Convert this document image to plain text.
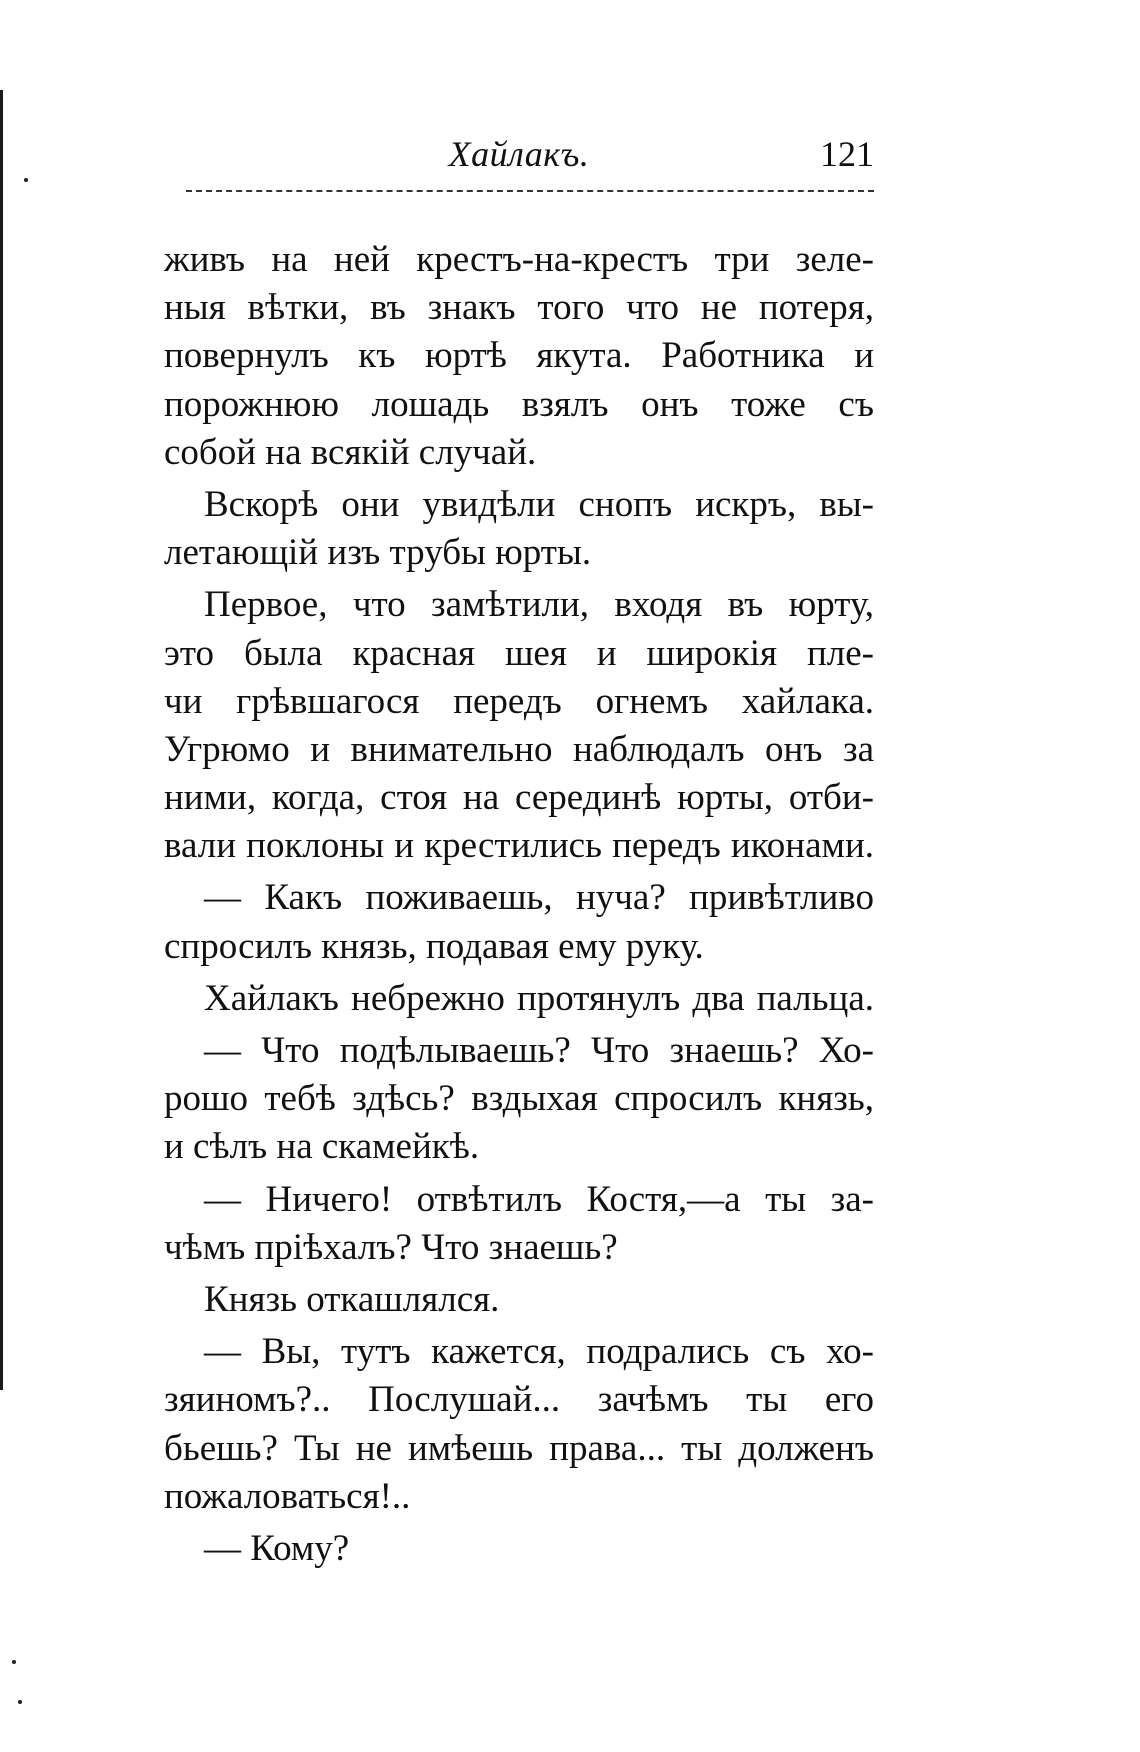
Хайлакъ.	121
живъ на ней крестъ-на-крестъ три зеле-
ныя вѣтки, въ знакъ того что не потеря,
повернулъ къ юртѣ якута. Работника и
порожнюю лошадь взялъ онъ тоже съ
собой на всякій случай.
Вскорѣ они увидѣли снопъ искръ, вы-
летающій изъ трубы юрты.
Первое, что замѣтили, входя въ юрту,
это была красная шея и широкія пле-
чи грѣвшагося передъ огнемъ хайлака.
Угрюмо и внимательно наблюдалъ онъ за
ними, когда, стоя на серединѣ юрты, отби-
вали поклоны и крестились передъ иконами.
— Какъ поживаешь, нуча? привѣтливо
спросилъ князь, подавая ему руку.
Хайлакъ небрежно протянулъ два пальца.
— Что подѣлываешь? Что знаешь? Хо-
рошо тебѣ здѣсь? вздыхая спросилъ князь,
и сѣлъ на скамейкѣ.
— Ничего! отвѣтилъ Костя,—а ты за-
чѣмъ пріѣхалъ? Что знаешь?
Князь откашлялся.
— Вы, тутъ кажется, подрались съ хо-
зяиномъ?.. Послушай... зачѣмъ ты его
бьешь? Ты не имѣешь права... ты долженъ
пожаловаться!..
— Кому?
